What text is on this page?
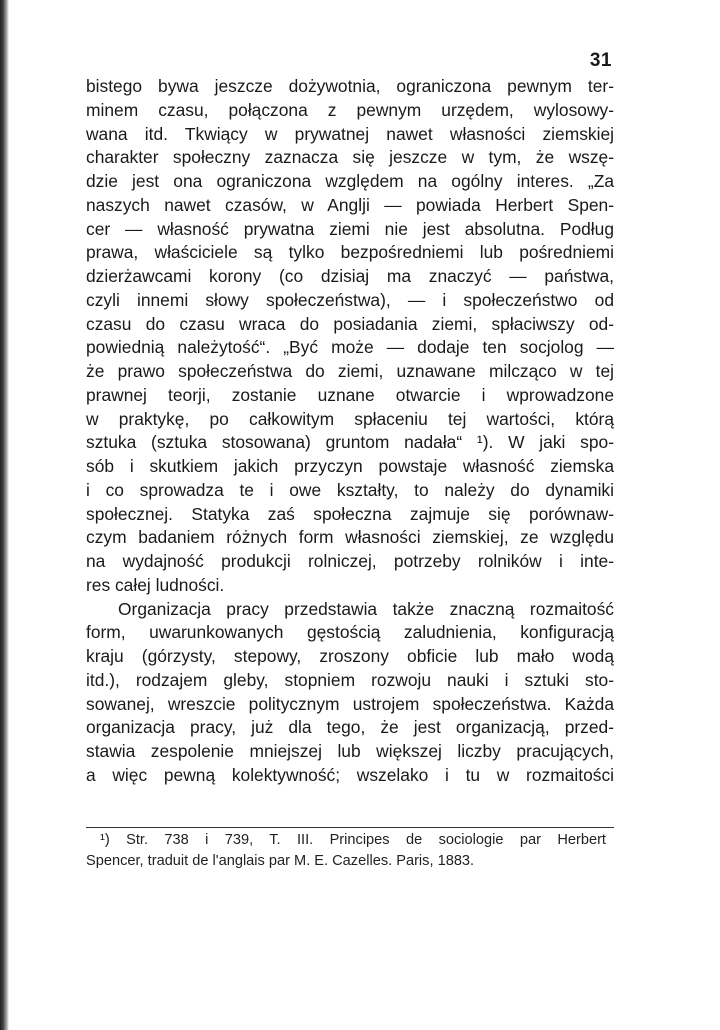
31
bistego bywa jeszcze dożywotnia, ograniczona pewnym ter-
minem czasu, połączona z pewnym urzędem, wylosowy-
wana itd. Tkwiący w prywatnej nawet własności ziemskiej
charakter społeczny zaznacza się jeszcze w tym, że wszę-
dzie jest ona ograniczona względem na ogólny interes. „Za
naszych nawet czasów, w Anglji — powiada Herbert Spen-
cer — własność prywatna ziemi nie jest absolutna. Podług
prawa, właściciele są tylko bezpośredniemi lub pośredniemi
dzierżawcami korony (co dzisiaj ma znaczyć — państwa,
czyli innemi słowy społeczeństwa), — i społeczeństwo od
czasu do czasu wraca do posiadania ziemi, spłaciwszy od-
powiednią należytość“. „Być może — dodaje ten socjolog —
że prawo społeczeństwa do ziemi, uznawane milcząco w tej
prawnej teorji, zostanie uznane otwarcie i wprowadzone
w praktykę, po całkowitym spłaceniu tej wartości, którą
sztuka (sztuka stosowana) gruntom nadała“ ¹). W jaki spo-
sób i skutkiem jakich przyczyn powstaje własność ziemska
i co sprowadza te i owe kształty, to należy do dynamiki
społecznej. Statyka zaś społeczna zajmuje się porównaw-
czym badaniem różnych form własności ziemskiej, ze względu
na wydajność produkcji rolniczej, potrzeby rolników i inte-
res całej ludności.
Organizacja pracy przedstawia także znaczną rozmaitość
form, uwarunkowanych gęstością zaludnienia, konfiguracją
kraju (górzysty, stepowy, zroszony obficie lub mało wodą
itd.), rodzajem gleby, stopniem rozwoju nauki i sztuki sto-
sowanej, wreszcie politycznym ustrojem społeczeństwa. Każda
organizacja pracy, już dla tego, że jest organizacją, przed-
stawia zespolenie mniejszej lub większej liczby pracujących,
a więc pewną kolektywność; wszelako i tu w rozmaitości
¹) Str. 738 i 739, T. III. Principes de sociologie par Herbert
Spencer, traduit de l'anglais par M. E. Cazelles. Paris, 1883.
